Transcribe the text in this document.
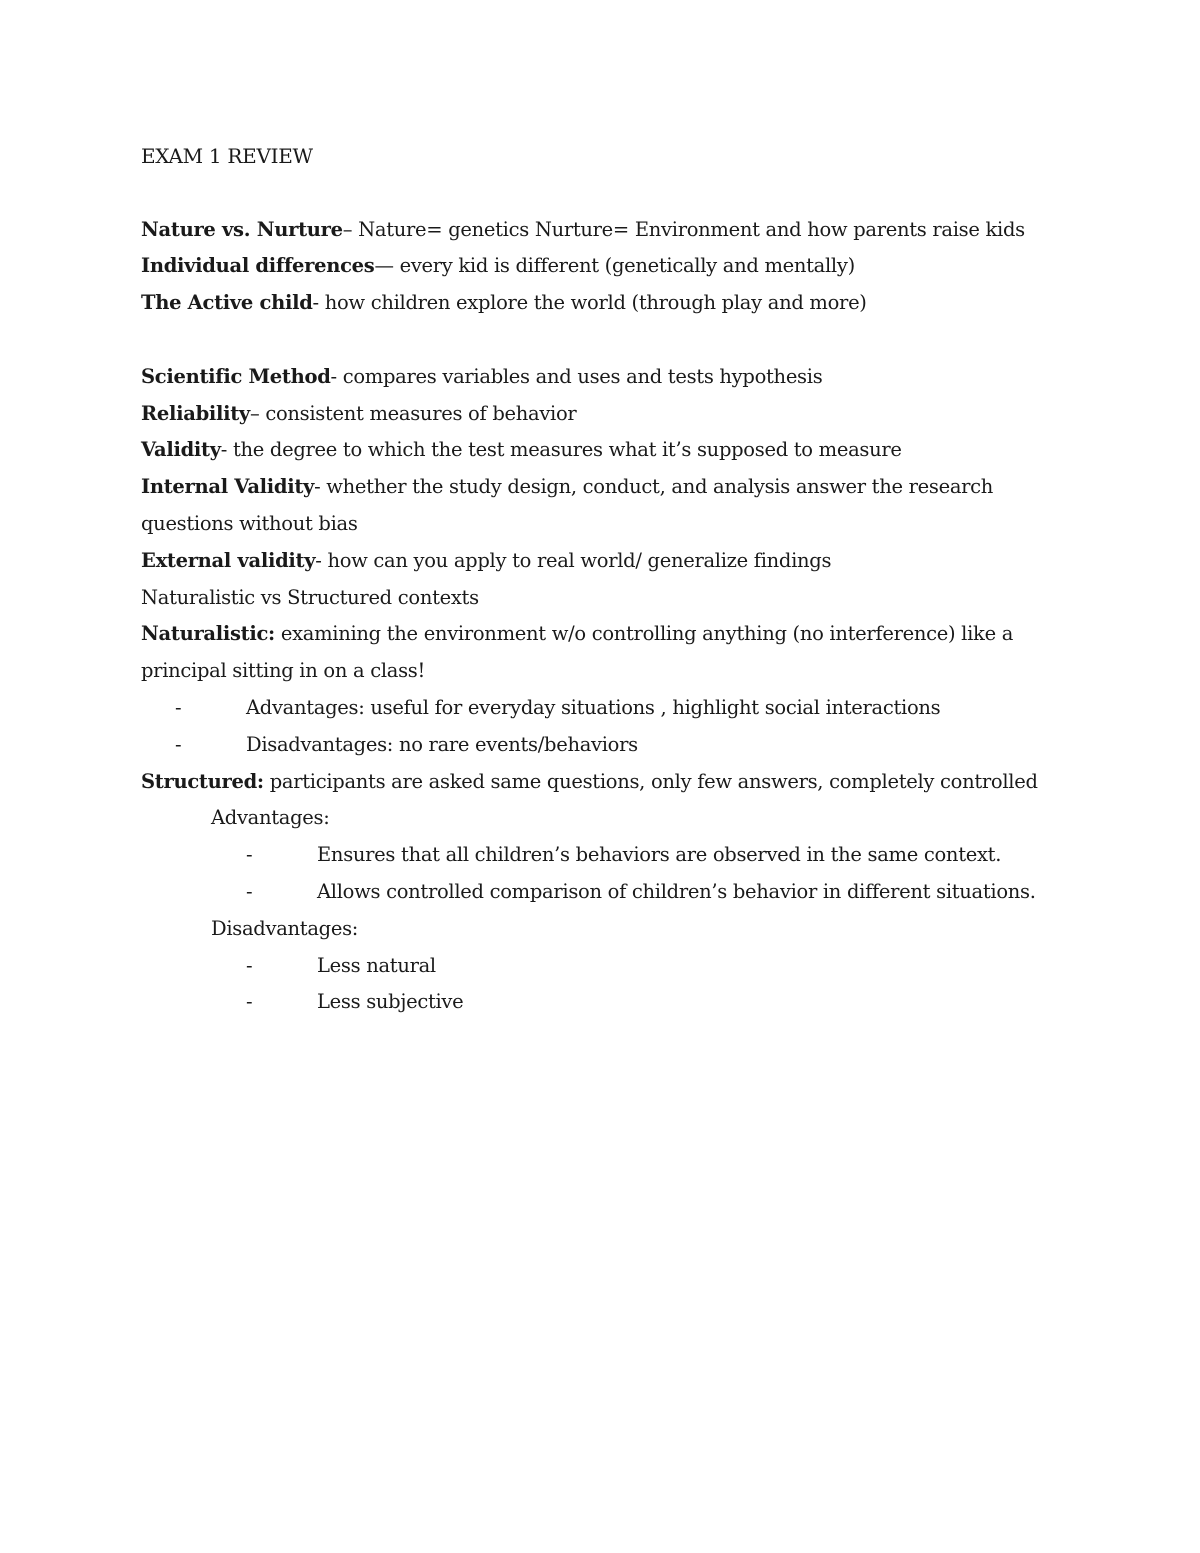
EXAM 1 REVIEW
Nature vs. Nurture– Nature= genetics Nurture= Environment and how parents raise kids
Individual differences— every kid is different (genetically and mentally)
The Active child- how children explore the world (through play and more)
Scientific Method- compares variables and uses and tests hypothesis
Reliability– consistent measures of behavior
Validity- the degree to which the test measures what it’s supposed to measure
Internal Validity- whether the study design, conduct, and analysis answer the research
questions without bias
External validity- how can you apply to real world/ generalize findings
Naturalistic vs Structured contexts
Naturalistic: examining the environment w/o controlling anything (no interference) like a
principal sitting in on a class!
-	Advantages: useful for everyday situations , highlight social interactions
-	Disadvantages: no rare events/behaviors
Structured: participants are asked same questions, only few answers, completely controlled
Advantages:
-	Ensures that all children’s behaviors are observed in the same context.
-	Allows controlled comparison of children’s behavior in different situations.
Disadvantages:
-	Less natural
-	Less subjective
